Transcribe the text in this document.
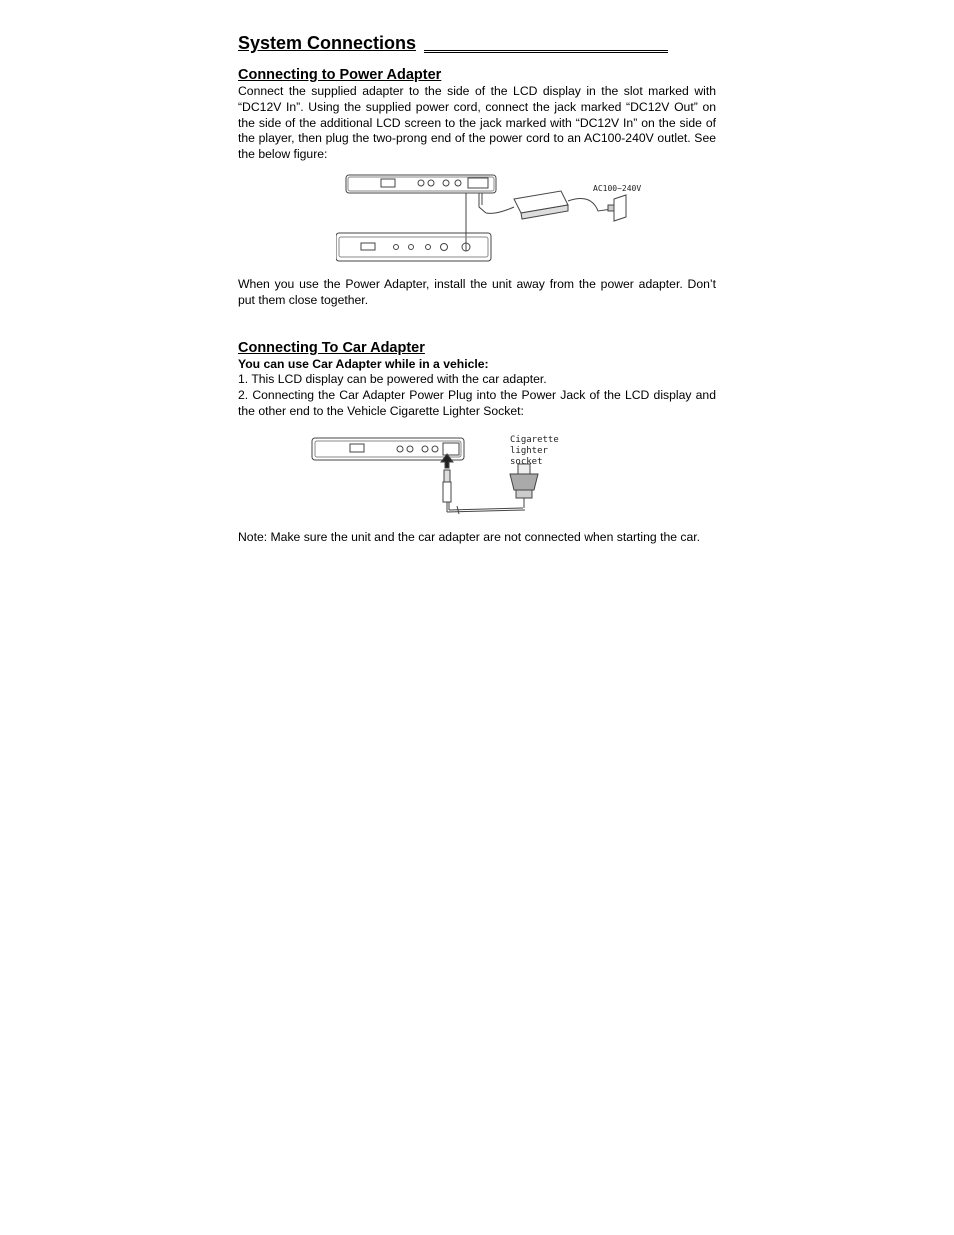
System Connections
Connecting to Power Adapter

Connect the supplied adapter to the side of the LCD display in the slot marked with “DC12V In”. Using the supplied power cord, connect the jack marked “DC12V Out” on the side of the additional LCD screen to the jack marked with “DC12V In” on the side of the player, then plug the two-prong end of the power cord to an AC100-240V outlet. See the below figure:

AC100~240V

When you use the Power Adapter, install the unit away from the power adapter. Don’t put them close together.

Connecting To Car Adapter

You can use Car Adapter while in a vehicle:

1. This LCD display can be powered with the car adapter.

2. Connecting the Car Adapter Power Plug into the Power Jack of the LCD display and the other end to the Vehicle Cigarette Lighter Socket:

Cigarette
lighter
socket

Note: Make sure the unit and the car adapter are not connected when starting the car.
